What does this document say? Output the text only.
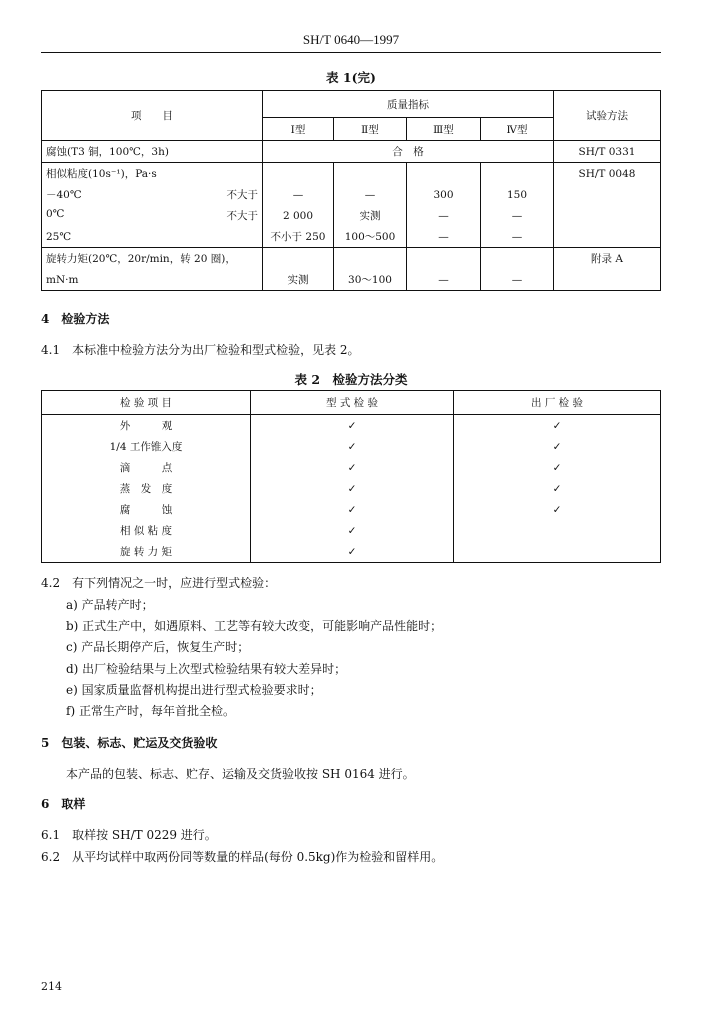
SH/T 0640—1997
表 1(完)
项　　目	质量指标				试验方法
	Ⅰ型	Ⅱ型	Ⅲ型	Ⅳ型	
腐蚀(T3 铜，100℃，3h)	合　格				SH/T 0331
相似粘度(10s⁻¹)，Pa·s					SH/T 0048
－40℃ 不大于	—	—	300	150	
0℃ 不大于	2 000	实测	—	—	
25℃	不小于 250	100～500	—	—	
旋转力矩(20℃，20r/min，转 20 圈)，					附录 A
mN·m	实测	30～100	—	—	
4　检验方法
4.1　本标准中检验方法分为出厂检验和型式检验，见表 2。
表 2　检验方法分类
检 验 项 目	型 式 检 验	出 厂 检 验
外　　　观	✓	✓
1/4 工作锥入度	✓	✓
滴　　　点	✓	✓
蒸　发　度	✓	✓
腐　　　蚀	✓	✓
相 似 粘 度	✓	
旋 转 力 矩	✓	
4.2　有下列情况之一时，应进行型式检验：
a) 产品转产时；
b) 正式生产中，如遇原料、工艺等有较大改变，可能影响产品性能时；
c) 产品长期停产后，恢复生产时；
d) 出厂检验结果与上次型式检验结果有较大差异时；
e) 国家质量监督机构提出进行型式检验要求时；
f) 正常生产时，每年首批全检。
5　包装、标志、贮运及交货验收
本产品的包装、标志、贮存、运输及交货验收按 SH 0164 进行。
6　取样
6.1　取样按 SH/T 0229 进行。
6.2　从平均试样中取两份同等数量的样品(每份 0.5kg)作为检验和留样用。
214
